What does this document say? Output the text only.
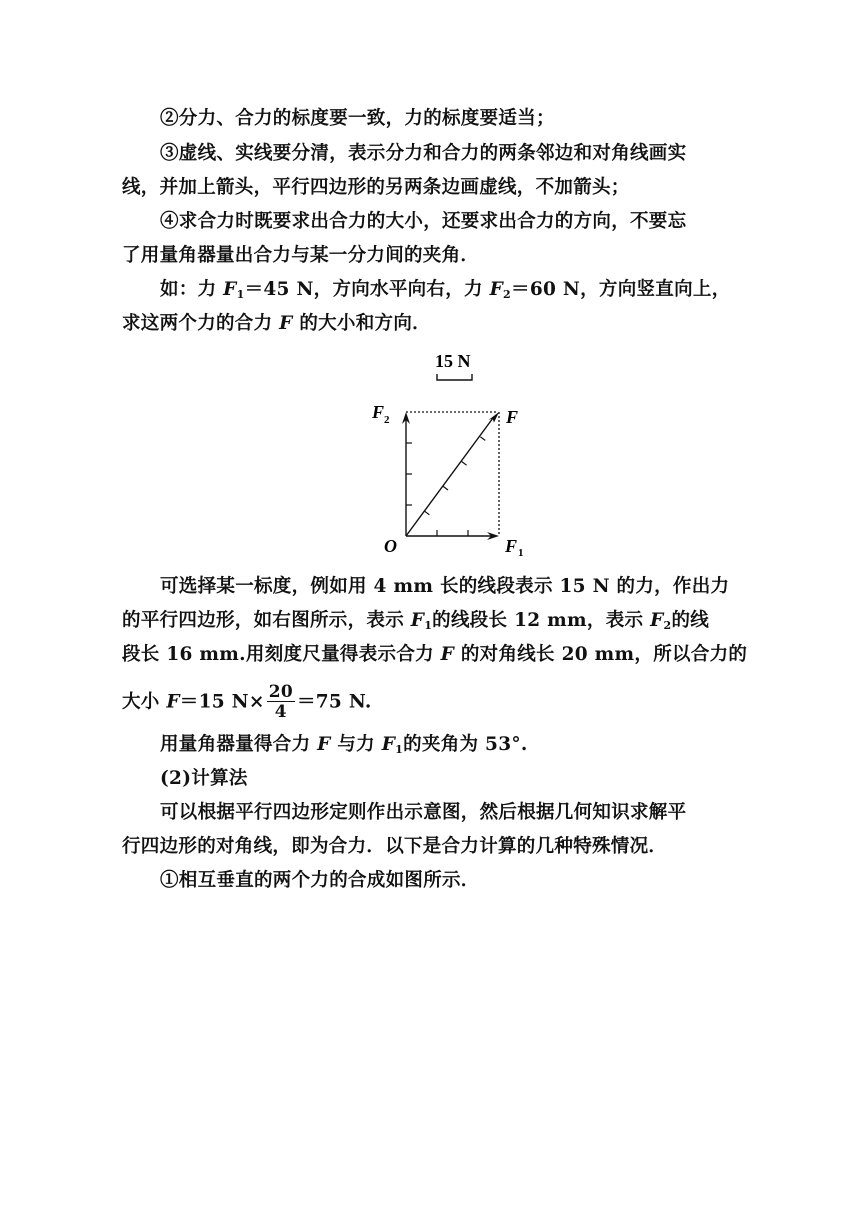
②分力、合力的标度要一致，力的标度要适当；
③虚线、实线要分清，表示分力和合力的两条邻边和对角线画实
线，并加上箭头，平行四边形的另两条边画虚线，不加箭头；
④求合力时既要求出合力的大小，还要求出合力的方向，不要忘
了用量角器量出合力与某一分力间的夹角．
如：力 $F_1=45$ N，方向水平向右，力 $F_2=60$ N，方向竖直向上，
求这两个力的合力 F 的大小和方向．
15 N
F 2	F
O	F 1
可选择某一标度，例如用 4 mm 长的线段表示 15 N 的力，作出力
的平行四边形，如右图所示，表示 $F_1$的线段长 12 mm，表示 $F_2$的线
段长 16 mm.用刻度尺量得表示合力 F 的对角线长 20 mm，所以合力的
大小 F＝15 $N\times \frac{20}{4} =75$ N.
用量角器量得合力 F 与力 $F_1$的夹角为 53°.
(2)计算法
可以根据平行四边形定则作出示意图，然后根据几何知识求解平
行四边形的对角线，即为合力．以下是合力计算的几种特殊情况．
①相互垂直的两个力的合成如图所示．
